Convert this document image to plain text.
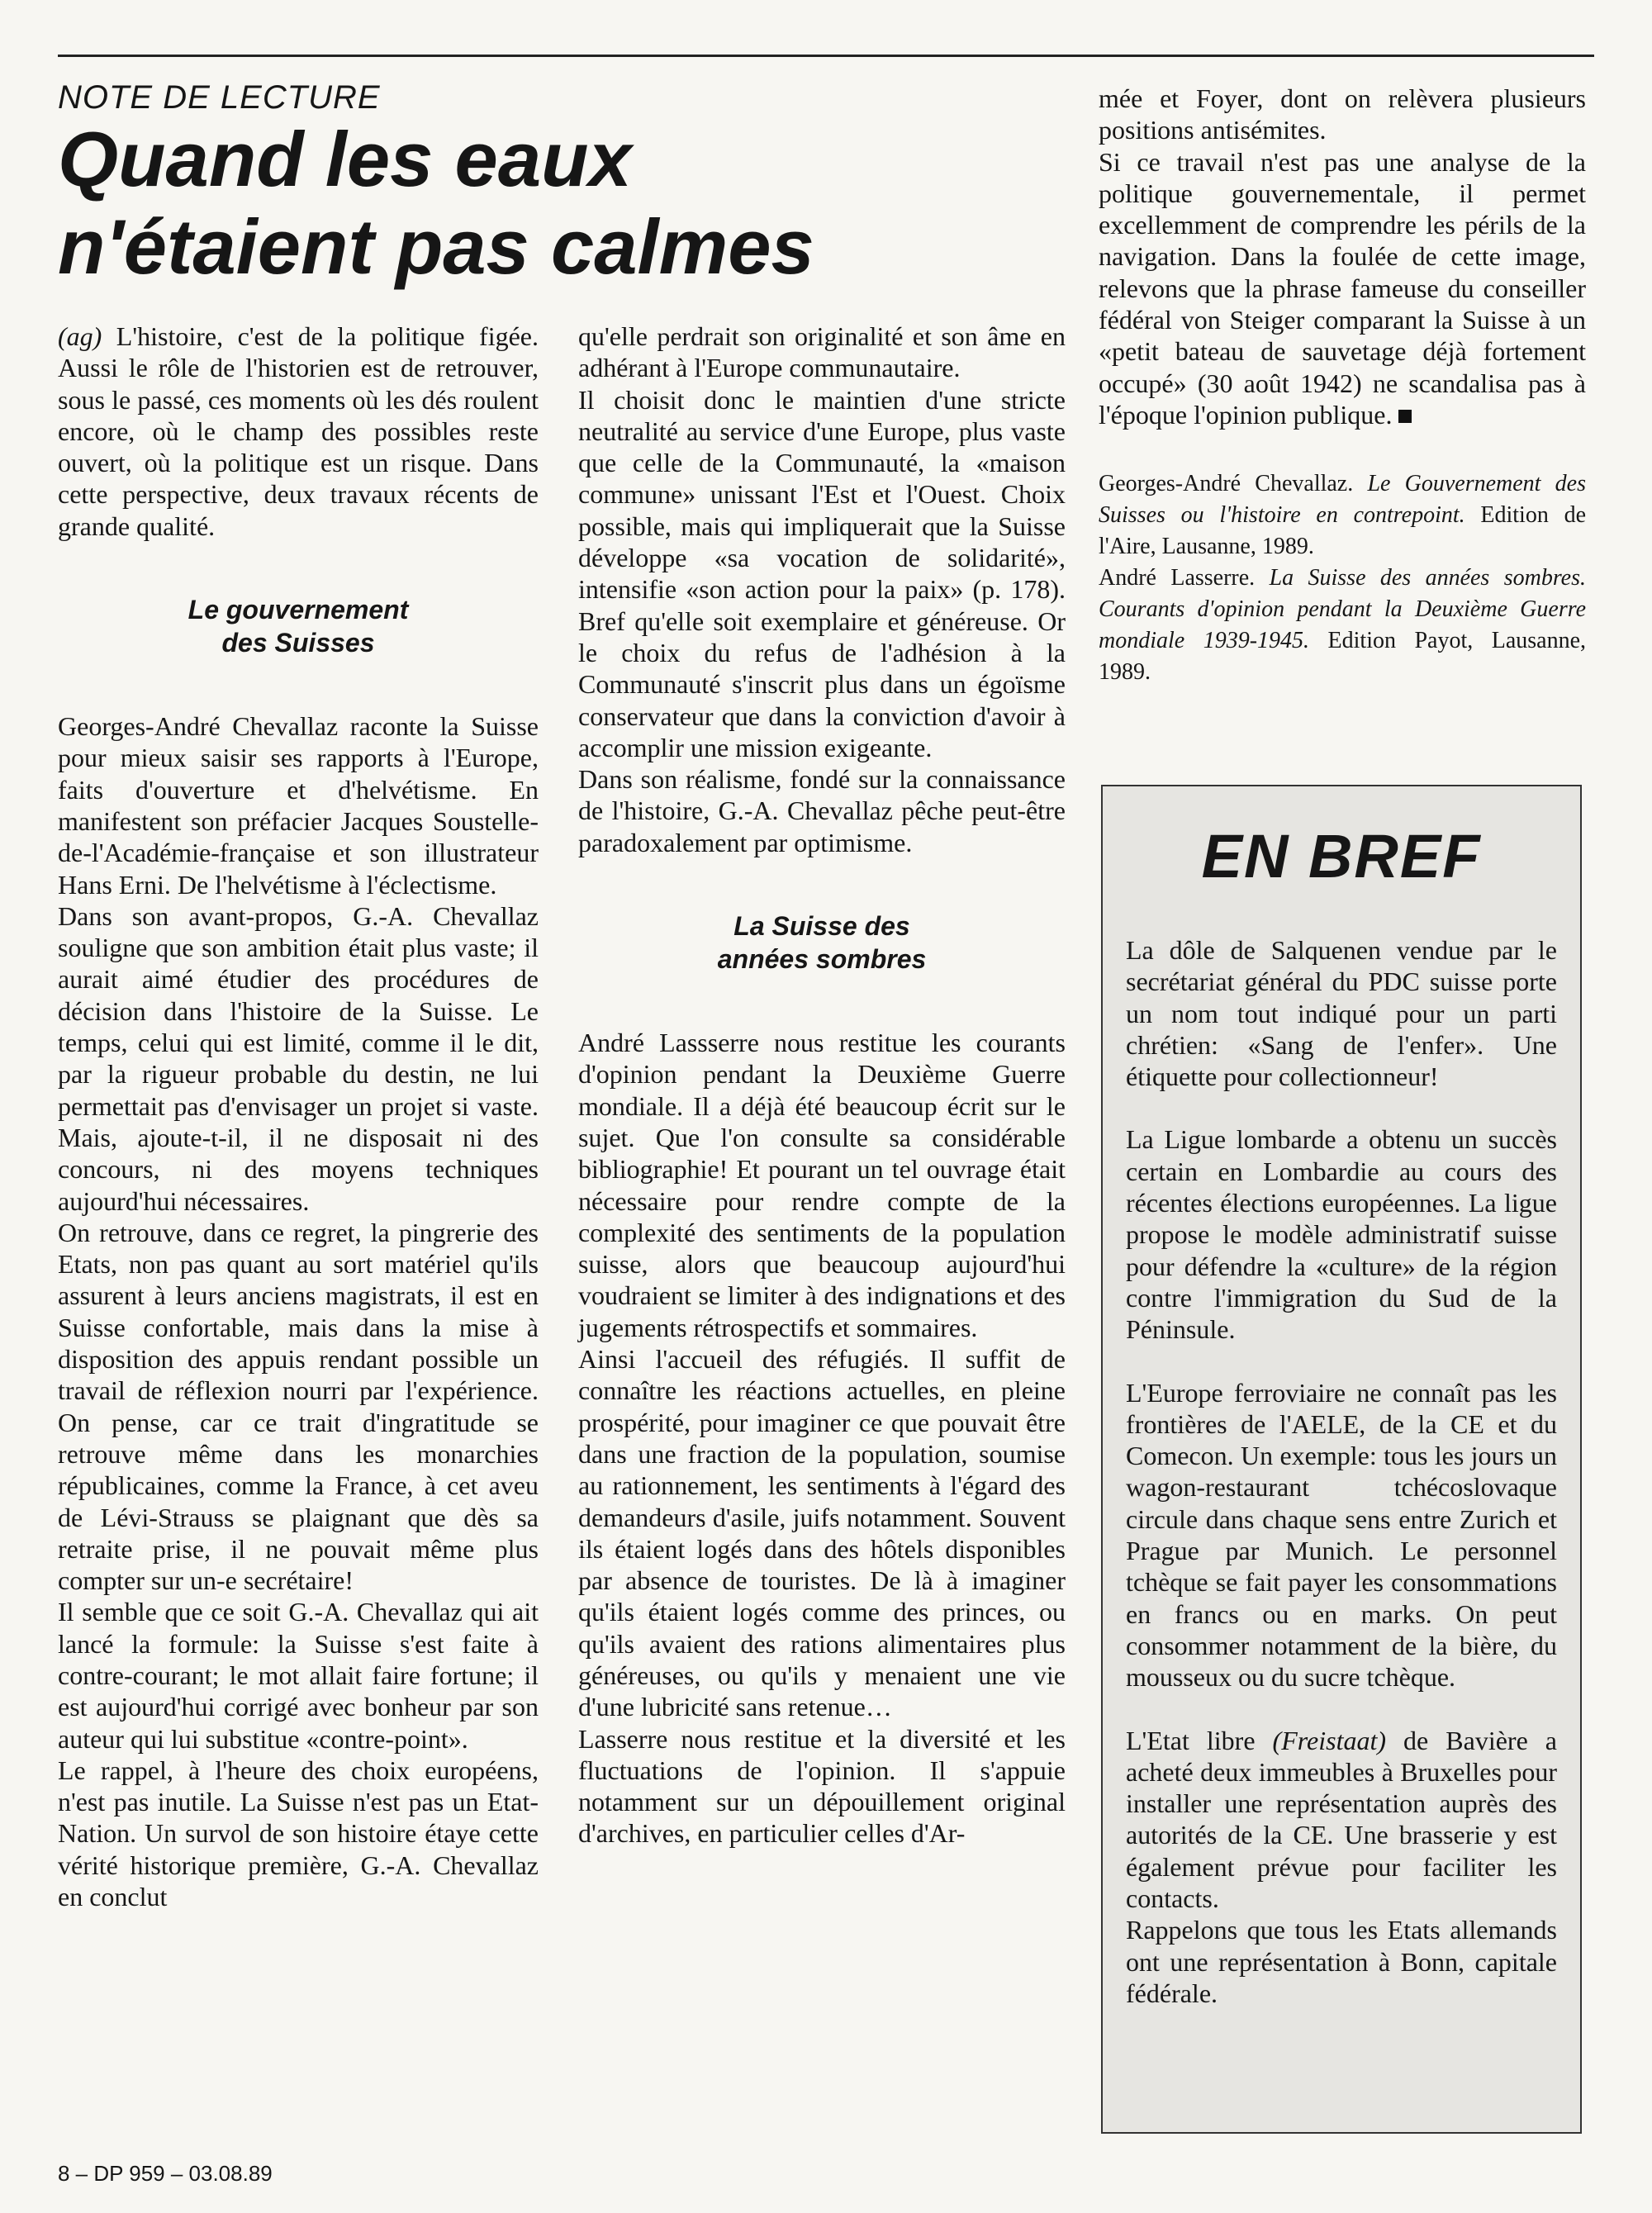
NOTE DE LECTURE
Quand les eaux
n'étaient pas calmes

(ag) L'histoire, c'est de la politique figée. Aussi le rôle de l'historien est de retrouver, sous le passé, ces moments où les dés roulent encore, où le champ des possibles reste ouvert, où la politique est un risque. Dans cette perspective, deux travaux récents de grande qualité.

Le gouvernement
des Suisses

Georges-André Chevallaz raconte la Suisse pour mieux saisir ses rapports à l'Europe, faits d'ouverture et d'helvétisme. En manifestent son préfacier Jacques Soustelle-de-l'Académie-française et son illustrateur Hans Erni. De l'helvétisme à l'éclectisme.

Dans son avant-propos, G.-A. Chevallaz souligne que son ambition était plus vaste; il aurait aimé étudier des procédures de décision dans l'histoire de la Suisse. Le temps, celui qui est limité, comme il le dit, par la rigueur probable du destin, ne lui permettait pas d'envisager un projet si vaste. Mais, ajoute-t-il, il ne disposait ni des concours, ni des moyens techniques aujourd'hui nécessaires.

On retrouve, dans ce regret, la pingrerie des Etats, non pas quant au sort matériel qu'ils assurent à leurs anciens magistrats, il est en Suisse confortable, mais dans la mise à disposition des appuis rendant possible un travail de réflexion nourri par l'expérience. On pense, car ce trait d'ingratitude se retrouve même dans les monarchies républicaines, comme la France, à cet aveu de Lévi-Strauss se plaignant que dès sa retraite prise, il ne pouvait même plus compter sur un-e secrétaire!

Il semble que ce soit G.-A. Chevallaz qui ait lancé la formule: la Suisse s'est faite à contre-courant; le mot allait faire fortune; il est aujourd'hui corrigé avec bonheur par son auteur qui lui substitue «contre-point».

Le rappel, à l'heure des choix européens, n'est pas inutile. La Suisse n'est pas un Etat-Nation. Un survol de son histoire étaye cette vérité historique première, G.-A. Chevallaz en conclut

qu'elle perdrait son originalité et son âme en adhérant à l'Europe communautaire.

Il choisit donc le maintien d'une stricte neutralité au service d'une Europe, plus vaste que celle de la Communauté, la «maison commune» unissant l'Est et l'Ouest. Choix possible, mais qui impliquerait que la Suisse développe «sa vocation de solidarité», intensifie «son action pour la paix» (p. 178). Bref qu'elle soit exemplaire et généreuse. Or le choix du refus de l'adhésion à la Communauté s'inscrit plus dans un égoïsme conservateur que dans la conviction d'avoir à accomplir une mission exigeante.

Dans son réalisme, fondé sur la connaissance de l'histoire, G.-A. Chevallaz pêche peut-être paradoxalement par optimisme.

La Suisse des
années sombres

André Lassserre nous restitue les courants d'opinion pendant la Deuxième Guerre mondiale. Il a déjà été beaucoup écrit sur le sujet. Que l'on consulte sa considérable bibliographie! Et pourant un tel ouvrage était nécessaire pour rendre compte de la complexité des sentiments de la population suisse, alors que beaucoup aujourd'hui voudraient se limiter à des indignations et des jugements rétrospectifs et sommaires.

Ainsi l'accueil des réfugiés. Il suffit de connaître les réactions actuelles, en pleine prospérité, pour imaginer ce que pouvait être dans une fraction de la population, soumise au rationnement, les sentiments à l'égard des demandeurs d'asile, juifs notamment. Souvent ils étaient logés dans des hôtels disponibles par absence de touristes. De là à imaginer qu'ils étaient logés comme des princes, ou qu'ils avaient des rations alimentaires plus généreuses, ou qu'ils y menaient une vie d'une lubricité sans retenue…

Lasserre nous restitue et la diversité et les fluctuations de l'opinion. Il s'appuie notamment sur un dépouillement original d'archives, en particulier celles d'Ar-

mée et Foyer, dont on relèvera plusieurs positions antisémites.

Si ce travail n'est pas une analyse de la politique gouvernementale, il permet excellemment de comprendre les périls de la navigation. Dans la foulée de cette image, relevons que la phrase fameuse du conseiller fédéral von Steiger comparant la Suisse à un «petit bateau de sauvetage déjà fortement occupé» (30 août 1942) ne scandalisa pas à l'époque l'opinion publique.

Georges-André Chevallaz. Le Gouvernement des Suisses ou l'histoire en contrepoint. Edition de l'Aire, Lausanne, 1989.

André Lasserre. La Suisse des années sombres. Courants d'opinion pendant la Deuxième Guerre mondiale 1939-1945. Edition Payot, Lausanne, 1989.

EN BREF

La dôle de Salquenen vendue par le secrétariat général du PDC suisse porte un nom tout indiqué pour un parti chrétien: «Sang de l'enfer». Une étiquette pour collectionneur!

La Ligue lombarde a obtenu un succès certain en Lombardie au cours des récentes élections européennes. La ligue propose le modèle administratif suisse pour défendre la «culture» de la région contre l'immigration du Sud de la Péninsule.

L'Europe ferroviaire ne connaît pas les frontières de l'AELE, de la CE et du Comecon. Un exemple: tous les jours un wagon-restaurant tchécoslovaque circule dans chaque sens entre Zurich et Prague par Munich. Le personnel tchèque se fait payer les consommations en francs ou en marks. On peut consommer notamment de la bière, du mousseux ou du sucre tchèque.

L'Etat libre (Freistaat) de Bavière a acheté deux immeubles à Bruxelles pour installer une représentation auprès des autorités de la CE. Une brasserie y est également prévue pour faciliter les contacts.

Rappelons que tous les Etats allemands ont une représentation à Bonn, capitale fédérale.

8 – DP 959 – 03.08.89
